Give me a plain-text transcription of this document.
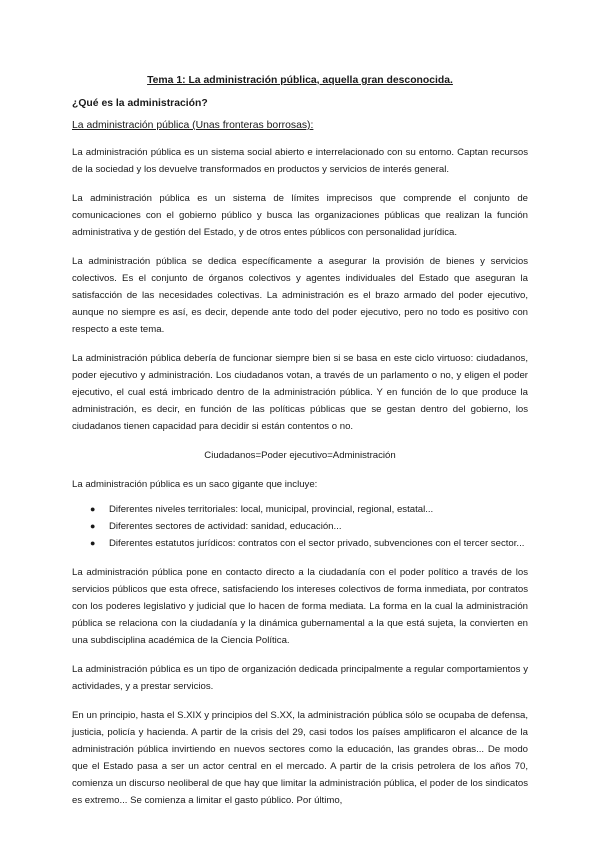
Tema 1: La administración pública, aquella gran desconocida.
¿Qué es la administración?
La administración pública (Unas fronteras borrosas):

La administración pública es un sistema social abierto e interrelacionado con su entorno. Captan recursos de la sociedad y los devuelve transformados en productos y servicios de interés general.

La administración pública es un sistema de límites imprecisos que comprende el conjunto de comunicaciones con el gobierno público y busca las organizaciones públicas que realizan la función administrativa y de gestión del Estado, y de otros entes públicos con personalidad jurídica.

La administración pública se dedica específicamente a asegurar la provisión de bienes y servicios colectivos. Es el conjunto de órganos colectivos y agentes individuales del Estado que aseguran la satisfacción de las necesidades colectivas. La administración es el brazo armado del poder ejecutivo, aunque no siempre es así, es decir, depende ante todo del poder ejecutivo, pero no todo es positivo con respecto a este tema.

La administración pública debería de funcionar siempre bien si se basa en este ciclo virtuoso: ciudadanos, poder ejecutivo y administración. Los ciudadanos votan, a través de un parlamento o no, y eligen el poder ejecutivo, el cual está imbricado dentro de la administración pública. Y en función de lo que produce la administración, es decir, en función de las políticas públicas que se gestan dentro del gobierno, los ciudadanos tienen capacidad para decidir si están contentos o no.

Ciudadanos=Poder ejecutivo=Administración

La administración pública es un saco gigante que incluye:

● Diferentes niveles territoriales: local, municipal, provincial, regional, estatal...
● Diferentes sectores de actividad: sanidad, educación...
● Diferentes estatutos jurídicos: contratos con el sector privado, subvenciones con el tercer sector...

La administración pública pone en contacto directo a la ciudadanía con el poder político a través de los servicios públicos que esta ofrece, satisfaciendo los intereses colectivos de forma inmediata, por contratos con los poderes legislativo y judicial que lo hacen de forma mediata. La forma en la cual la administración pública se relaciona con la ciudadanía y la dinámica gubernamental a la que está sujeta, la convierten en una subdisciplina académica de la Ciencia Política.

La administración pública es un tipo de organización dedicada principalmente a regular comportamientos y actividades, y a prestar servicios.

En un principio, hasta el S.XIX y principios del S.XX, la administración pública sólo se ocupaba de defensa, justicia, policía y hacienda. A partir de la crisis del 29, casi todos los países amplificaron el alcance de la administración pública invirtiendo en nuevos sectores como la educación, las grandes obras... De modo que el Estado pasa a ser un actor central en el mercado. A partir de la crisis petrolera de los años 70, comienza un discurso neoliberal de que hay que limitar la administración pública, el poder de los sindicatos es extremo... Se comienza a limitar el gasto público. Por último,
